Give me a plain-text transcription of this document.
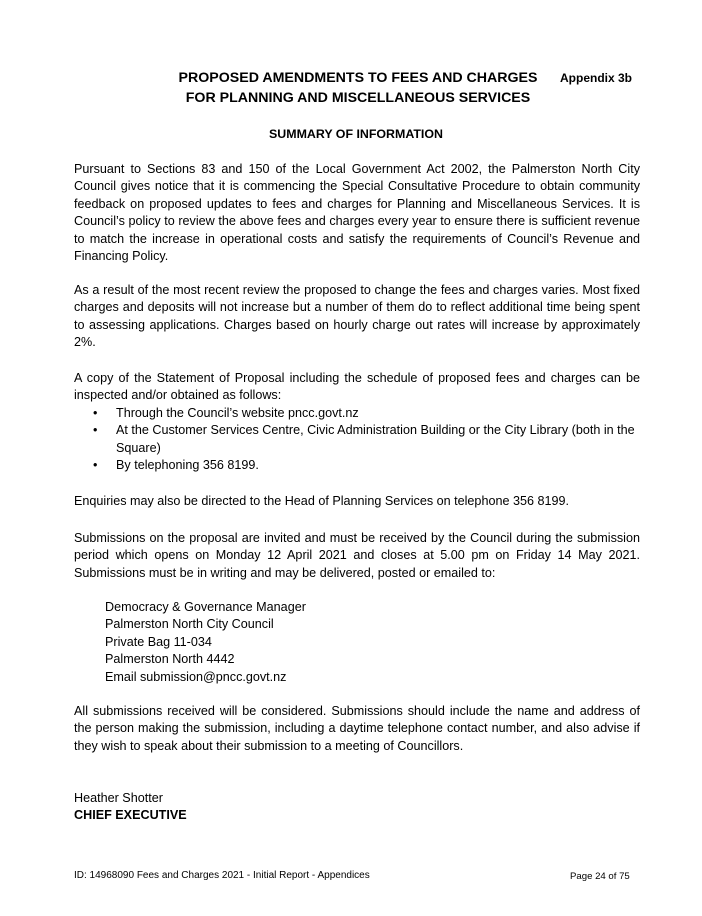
Appendix 3b
PROPOSED AMENDMENTS TO FEES AND CHARGES
FOR PLANNING AND MISCELLANEOUS SERVICES
SUMMARY OF INFORMATION

Pursuant to Sections 83 and 150 of the Local Government Act 2002, the Palmerston North City Council gives notice that it is commencing the Special Consultative Procedure to obtain community feedback on proposed updates to fees and charges for Planning and Miscellaneous Services. It is Council’s policy to review the above fees and charges every year to ensure there is sufficient revenue to match the increase in operational costs and satisfy the requirements of Council’s Revenue and Financing Policy.

As a result of the most recent review the proposed to change the fees and charges varies. Most fixed charges and deposits will not increase but a number of them do to reflect additional time being spent to assessing applications. Charges based on hourly charge out rates will increase by approximately 2%.

A copy of the Statement of Proposal including the schedule of proposed fees and charges can be inspected and/or obtained as follows:

• Through the Council’s website pncc.govt.nz
• At the Customer Services Centre, Civic Administration Building or the City Library (both in the Square)
• By telephoning 356 8199.

Enquiries may also be directed to the Head of Planning Services on telephone 356 8199.

Submissions on the proposal are invited and must be received by the Council during the submission period which opens on Monday 12 April 2021 and closes at 5.00 pm on Friday 14 May 2021. Submissions must be in writing and may be delivered, posted or emailed to:

Democracy & Governance Manager
Palmerston North City Council
Private Bag 11-034
Palmerston North 4442
Email submission@pncc.govt.nz

All submissions received will be considered. Submissions should include the name and address of the person making the submission, including a daytime telephone contact number, and also advise if they wish to speak about their submission to a meeting of Councillors.

Heather Shotter
CHIEF EXECUTIVE
ID: 14968090 Fees and Charges 2021 - Initial Report - Appendices	Page 24 of 75
